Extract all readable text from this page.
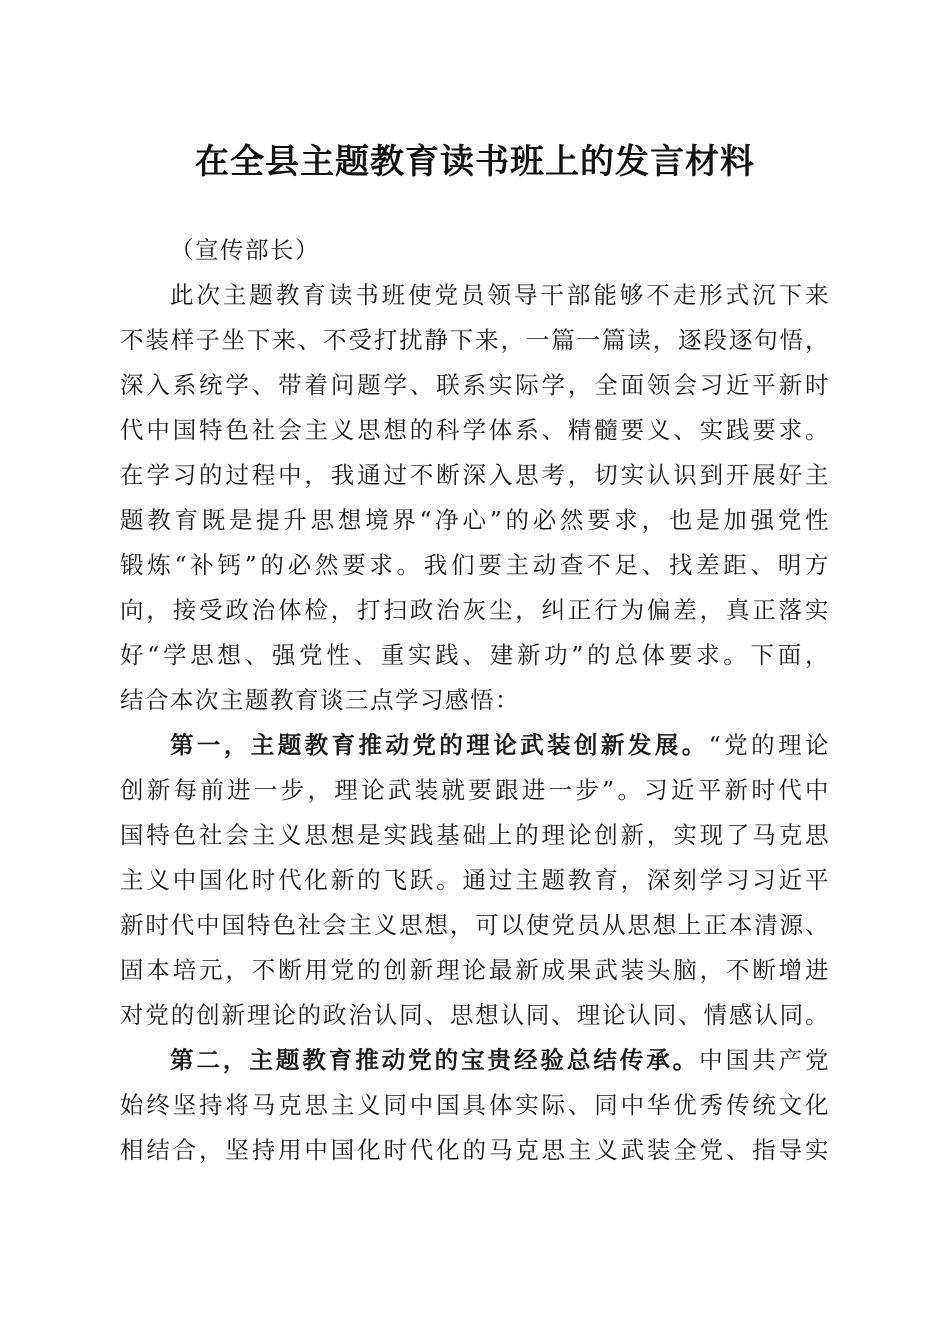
在全县主题教育读书班上的发言材料
（宣传部长）
此次主题教育读书班使党员领导干部能够不走形式沉下来
不装样子坐下来、不受打扰静下来，一篇一篇读，逐段逐句悟，
深入系统学、带着问题学、联系实际学，全面领会习近平新时
代中国特色社会主义思想的科学体系、精髓要义、实践要求。
在学习的过程中，我通过不断深入思考，切实认识到开展好主
题教育既是提升思想境界“净心”的必然要求，也是加强党性
锻炼“补钙”的必然要求。我们要主动查不足、找差距、明方
向，接受政治体检，打扫政治灰尘，纠正行为偏差，真正落实
好“学思想、强党性、重实践、建新功”的总体要求。下面，
结合本次主题教育谈三点学习感悟：
第一，主题教育推动党的理论武装创新发展。“党的理论
创新每前进一步，理论武装就要跟进一步”。习近平新时代中
国特色社会主义思想是实践基础上的理论创新，实现了马克思
主义中国化时代化新的飞跃。通过主题教育，深刻学习习近平
新时代中国特色社会主义思想，可以使党员从思想上正本清源、
固本培元，不断用党的创新理论最新成果武装头脑，不断增进
对党的创新理论的政治认同、思想认同、理论认同、情感认同。
第二，主题教育推动党的宝贵经验总结传承。中国共产党
始终坚持将马克思主义同中国具体实际、同中华优秀传统文化
相结合，坚持用中国化时代化的马克思主义武装全党、指导实
